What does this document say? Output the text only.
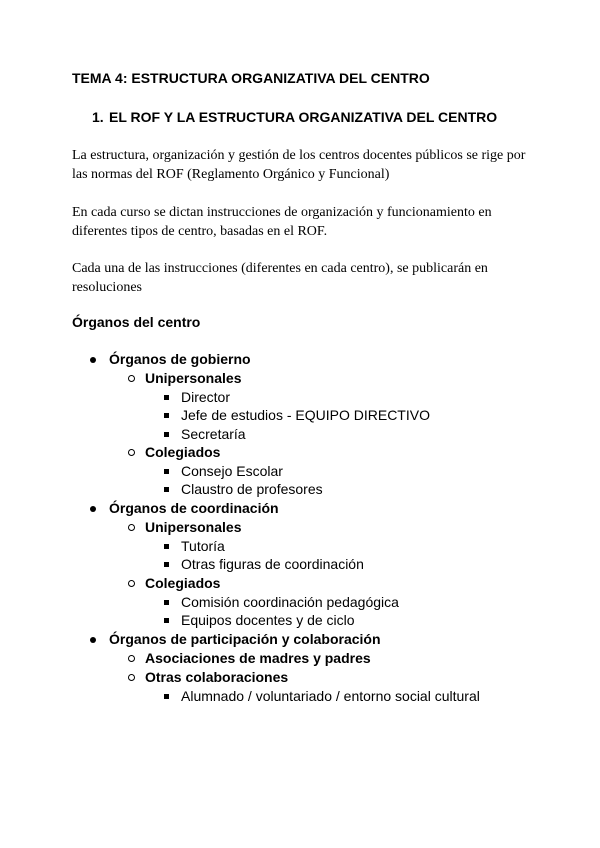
TEMA 4: ESTRUCTURA ORGANIZATIVA DEL CENTRO
1. EL ROF Y LA ESTRUCTURA ORGANIZATIVA DEL CENTRO
La estructura, organización y gestión de los centros docentes públicos se rige por las normas del ROF (Reglamento Orgánico y Funcional)
En cada curso se dictan instrucciones de organización y funcionamiento en diferentes tipos de centro, basadas en el ROF.
Cada una de las instrucciones (diferentes en cada centro), se publicarán en resoluciones
Órganos del centro
Órganos de gobierno
Unipersonales
Director
Jefe de estudios - EQUIPO DIRECTIVO
Secretaría
Colegiados
Consejo Escolar
Claustro de profesores
Órganos de coordinación
Unipersonales
Tutoría
Otras figuras de coordinación
Colegiados
Comisión coordinación pedagógica
Equipos docentes y de ciclo
Órganos de participación y colaboración
Asociaciones de madres y padres
Otras colaboraciones
Alumnado / voluntariado / entorno social cultural
